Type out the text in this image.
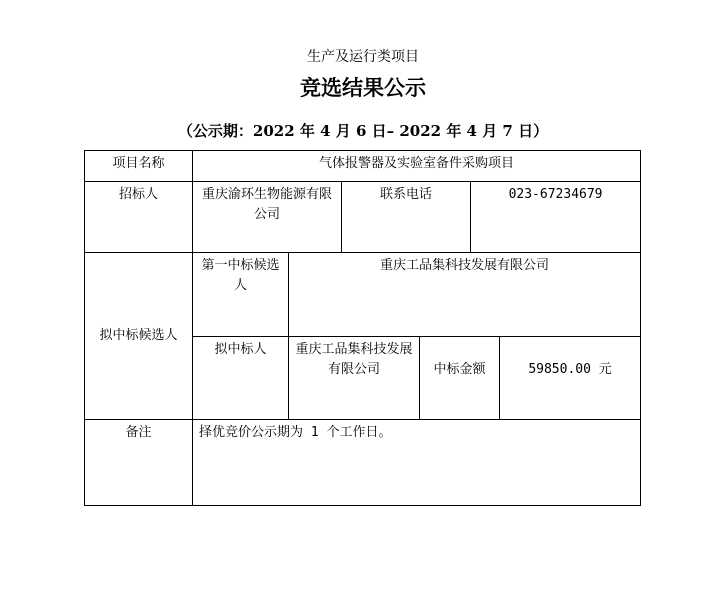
生产及运行类项目
竞选结果公示
（公示期：2022 年 4 月 6 日– 2022 年 4 月 7 日）
项目名称	气体报警器及实验室备件采购项目					
招标人	重庆渝环生物能源有限公司		联系电话		023-67234679	
拟中标候选人	第一中标候选人	重庆工品集科技发展有限公司				
	拟中标人	重庆工品集科技发展有限公司		中标金额		59850.00 元
备注	择优竞价公示期为 1 个工作日。					
